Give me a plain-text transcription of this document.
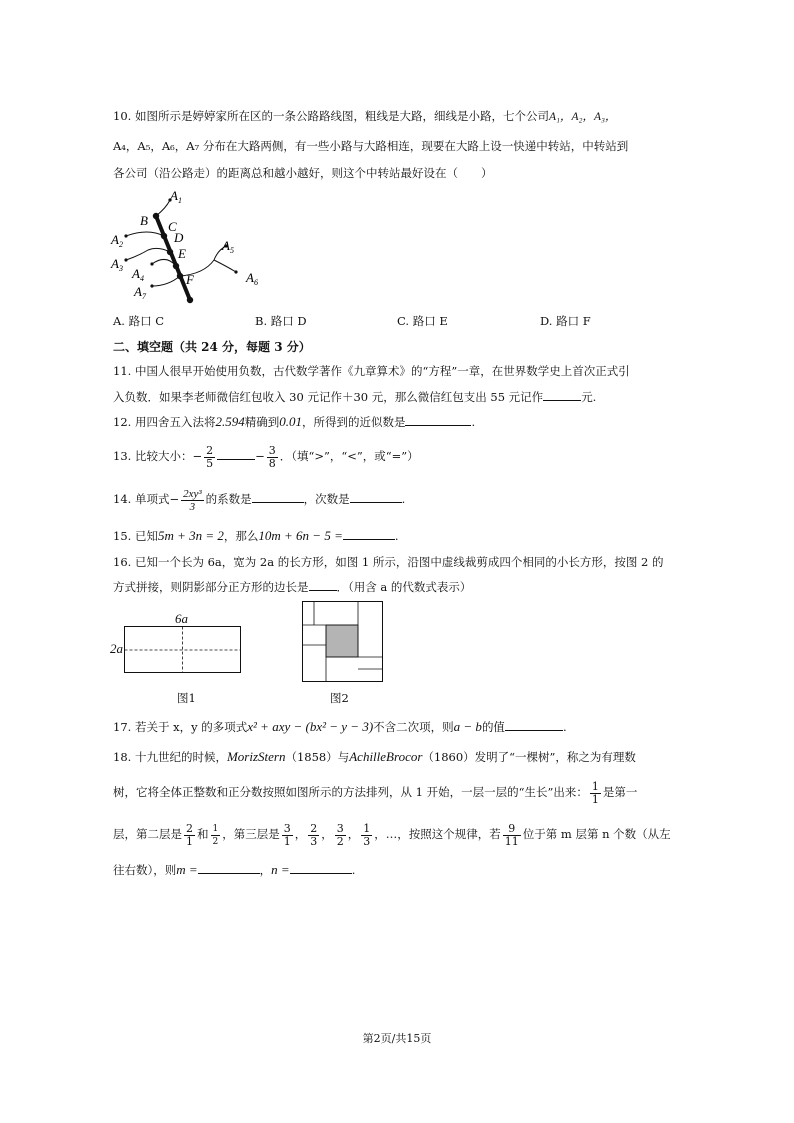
10. 如图所示是婷婷家所在区的一条公路路线图，粗线是大路，细线是小路，七个公司A₁，A₂，A₃，
A₄，A₅，A₆，A₇ 分布在大路两侧，有一些小路与大路相连，现要在大路上设一快递中转站，中转站到
各公司（沿公路走）的距离总和越小越好，则这个中转站最好设在（　　）
$A_1$
B C
D
$A_2$
E
$A_5$
$A_3$ $A_4$	F	$A_6$
$A_7$
A. 路口 C	B. 路口 D	C. 路口 E	D. 路口 F
二、填空题（共 24 分，每题 3 分）
11. 中国人很早开始使用负数，古代数学著作《九章算术》的“方程”一章，在世界数学史上首次正式引
入负数．如果李老师微信红包收入 30 元记作＋30 元，那么微信红包支出 55 元记作	元.
12. 用四舍五入法将2.594精确到0.01，所得到的近似数是	.
13. 比较大小：− $\frac{2}{5}$	− $\frac{3}{8}$ ．（填“>”，“<”，或“=”）
14. 单项式− $\frac{\text{2xy³}}{3}$ 的系数是	，次数是	.
15. 已知5m + 3n = 2，那么10m + 6n − 5 =	.
16. 已知一个长为 6a，宽为 2a 的长方形，如图 1 所示，沿图中虚线裁剪成四个相同的小长方形，按图 2 的
方式拼接，则阴影部分正方形的边长是 ．（用含 a 的代数式表示）
6a
2a
图1	图2
17. 若关于 x，y 的多项式x² + axy − (bx² − y − 3)不含二次项，则a − b的值	.
18. 十九世纪的时候，MorizStern（1858）与AchilleBrocor（1860）发明了“一棵树”，称之为有理数
树，它将全体正整数和正分数按照如图所示的方法排列，从 1 开始，一层一层的“生长”出来： $\frac{1}{1}$ 是第一
层，第二层是 $\frac{2}{1}$ 和 $\frac{1}{2}$ ，第三层是 $\frac{3}{1}$ ， $\frac{2}{3}$ ， $\frac{3}{2}$ ， $\frac{1}{3}$ ，…，按照这个规律，若 $\frac{9}{11}$ 位于第 m 层第 n 个数（从左
往右数），则m =	，n =	.
第2页/共15页
